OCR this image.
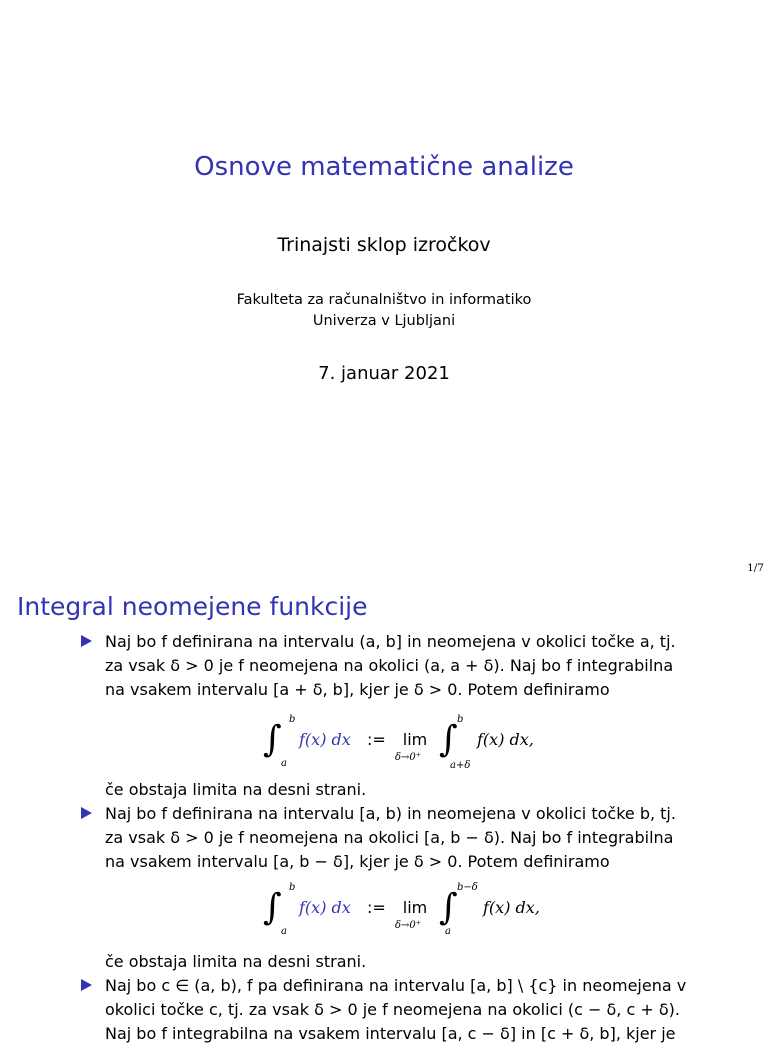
Osnove matematične analize
Trinajsti sklop izročkov
Fakulteta za računalništvo in informatiko
Univerza v Ljubljani
7. januar 2021
1/7
Integral neomejene funkcije
Naj bo f definirana na intervalu (a, b] in neomejena v okolici točke a, tj.
za vsak δ > 0 je f neomejena na okolici (a, a + δ). Naj bo f integrabilna
na vsakem intervalu [a + δ, b], kjer je δ > 0. Potem definiramo
∫ b
a
f(x) dx :=	lim
δ→0⁺ ∫ b
a+δ
f(x) dx,
če obstaja limita na desni strani.
Naj bo f definirana na intervalu [a, b) in neomejena v okolici točke b, tj.
za vsak δ > 0 je f neomejena na okolici [a, b − δ). Naj bo f integrabilna
na vsakem intervalu [a, b − δ], kjer je δ > 0. Potem definiramo
∫ b
a
f(x) dx :=	lim
δ→0⁺ ∫ b−δ
a
f(x) dx,
če obstaja limita na desni strani.
Naj bo c ∈ (a, b), f pa definirana na intervalu [a, b] \ {c} in neomejena v
okolici točke c, tj. za vsak δ > 0 je f neomejena na okolici (c − δ, c + δ).
Naj bo f integrabilna na vsakem intervalu [a, c − δ] in [c + δ, b], kjer je
